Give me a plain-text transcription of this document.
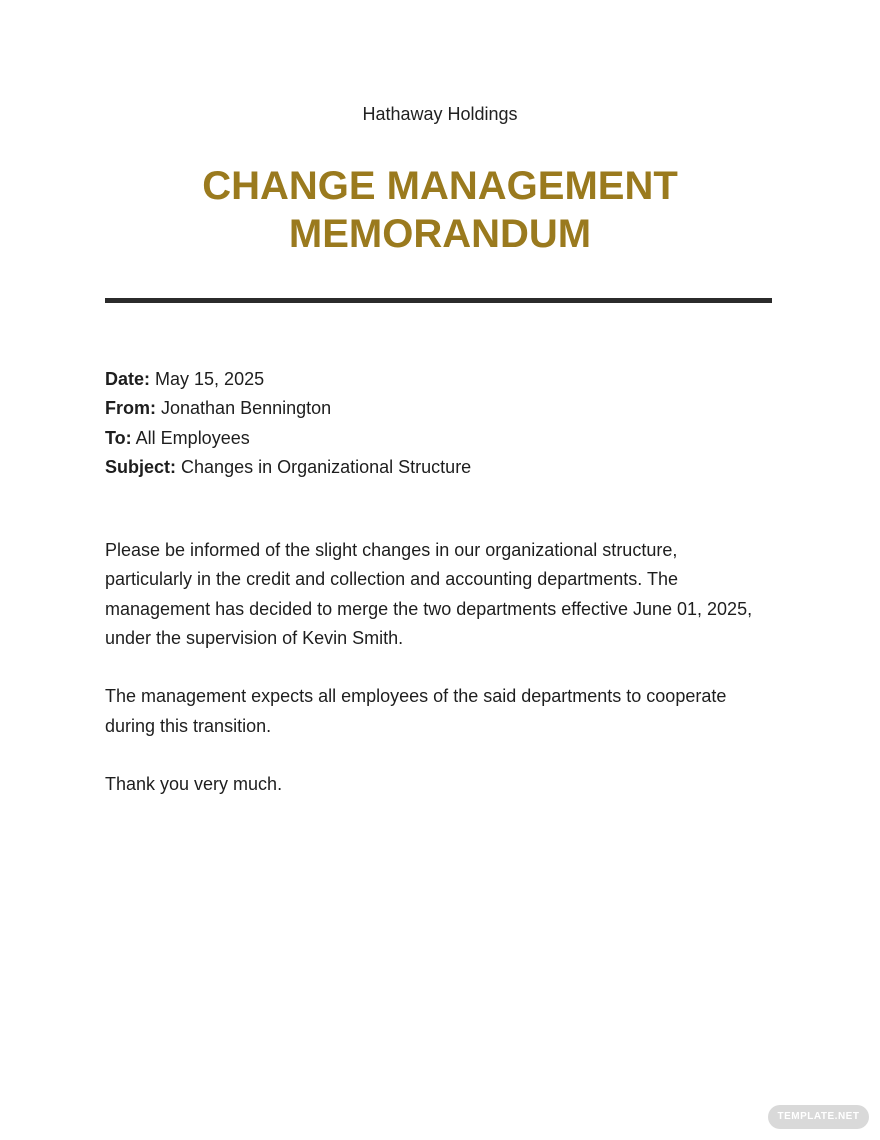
Hathaway Holdings
CHANGE MANAGEMENT
MEMORANDUM
Date: May 15, 2025
From: Jonathan Bennington
To: All Employees
Subject: Changes in Organizational Structure

Please be informed of the slight changes in our organizational structure,
particularly in the credit and collection and accounting departments. The
management has decided to merge the two departments effective June 01, 2025,
under the supervision of Kevin Smith.

The management expects all employees of the said departments to cooperate
during this transition.

Thank you very much.

TEMPLATE.NET
